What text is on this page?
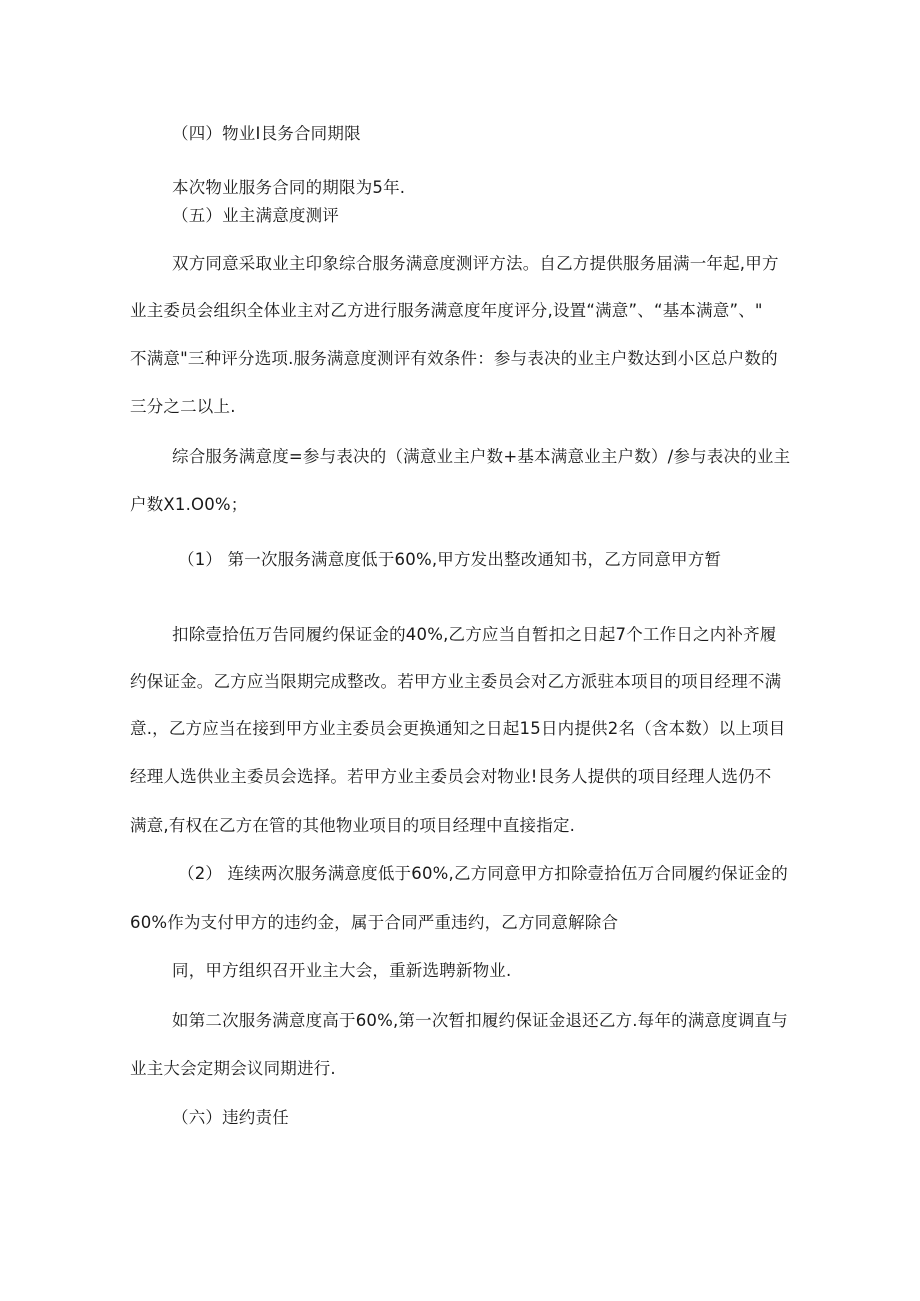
（四）物业I艮务合同期限
本次物业服务合同的期限为5年.
（五）业主满意度测评
双方同意采取业主印象综合服务满意度测评方法。自乙方提供服务届满一年起,甲方
业主委员会组织全体业主对乙方进行服务满意度年度评分,设置“满意”、“基本满意”、"
不满意"三种评分选项.服务满意度测评有效条件：参与表决的业主户数达到小区总户数的
三分之二以上.
综合服务满意度=参与表决的（满意业主户数+基本满意业主户数）/参与表决的业主
户数X1.O0%；
（1） 第一次服务满意度低于60%,甲方发出整改通知书，乙方同意甲方暂
扣除壹拾伍万告同履约保证金的40%,乙方应当自暂扣之日起7个工作日之内补齐履
约保证金。乙方应当限期完成整改。若甲方业主委员会对乙方派驻本项目的项目经理不满
意.，乙方应当在接到甲方业主委员会更换通知之日起15日内提供2名（含本数）以上项目
经理人选供业主委员会选择。若甲方业主委员会对物业!艮务人提供的项目经理人选仍不
满意,有权在乙方在管的其他物业项目的项目经理中直接指定.
（2） 连续两次服务满意度低于60%,乙方同意甲方扣除壹拾伍万合同履约保证金的
60%作为支付甲方的违约金，属于合同严重违约，乙方同意解除合
同，甲方组织召开业主大会，重新选聘新物业.
如第二次服务满意度高于60%,第一次暂扣履约保证金退还乙方.每年的满意度调直与
业主大会定期会议同期进行.
（六）违约责任
